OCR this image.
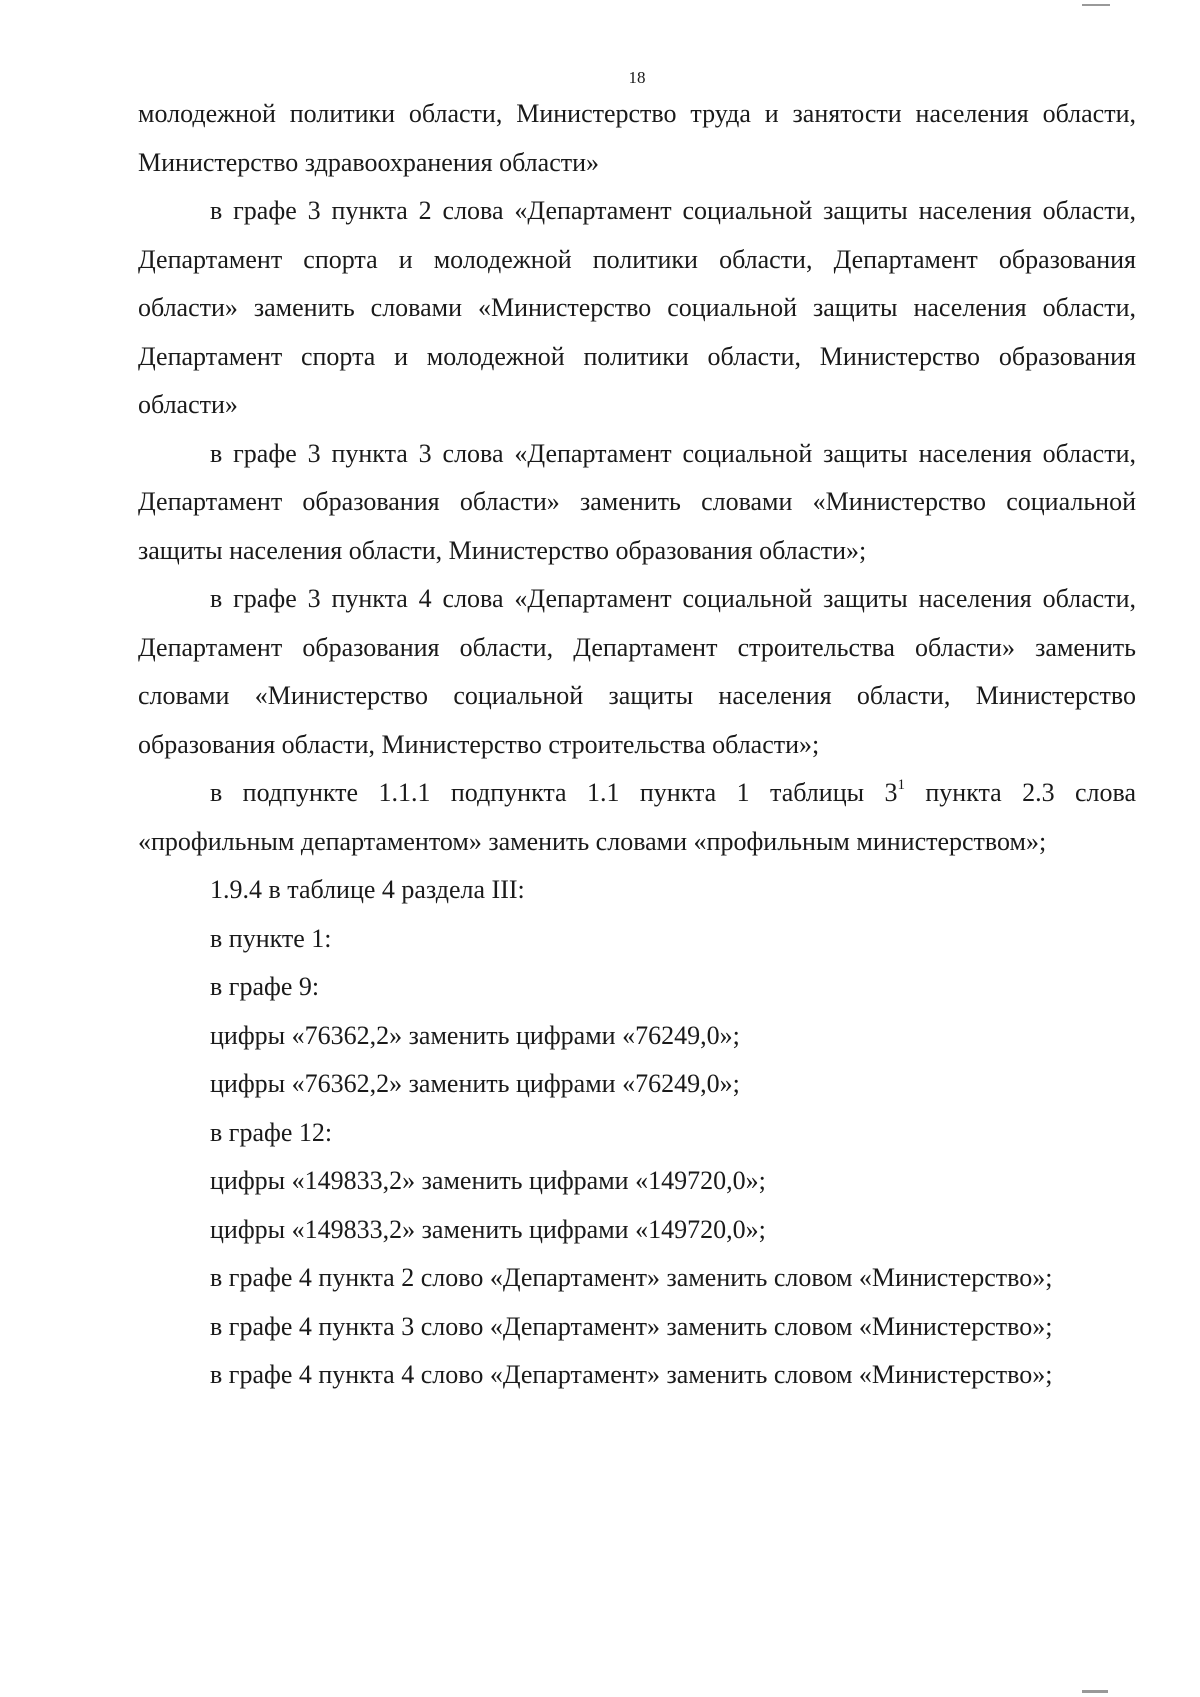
18

молодежной политики области, Министерство труда и занятости населения области, Министерство здравоохранения области»

в графе 3 пункта 2 слова «Департамент социальной защиты населения области, Департамент спорта и молодежной политики области, Департамент образования области» заменить словами «Министерство социальной защиты населения области, Департамент спорта и молодежной политики области, Министерство образования области»

в графе 3 пункта 3 слова «Департамент социальной защиты населения области, Департамент образования области» заменить словами «Министерство социальной защиты населения области, Министерство образования области»;

в графе 3 пункта 4 слова «Департамент социальной защиты населения области, Департамент образования области, Департамент строительства области» заменить словами «Министерство социальной защиты населения области, Министерство образования области, Министерство строительства области»;

в подпункте 1.1.1 подпункта 1.1 пункта 1 таблицы $3^1$ пункта 2.3 слова «профильным департаментом» заменить словами «профильным министерством»;

1.9.4 в таблице 4 раздела III:

в пункте 1:

в графе 9:

цифры «76362,2» заменить цифрами «76249,0»;

цифры «76362,2» заменить цифрами «76249,0»;

в графе 12:

цифры «149833,2» заменить цифрами «149720,0»;

цифры «149833,2» заменить цифрами «149720,0»;

в графе 4 пункта 2 слово «Департамент» заменить словом «Министерство»;

в графе 4 пункта 3 слово «Департамент» заменить словом «Министерство»;

в графе 4 пункта 4 слово «Департамент» заменить словом «Министерство»;
